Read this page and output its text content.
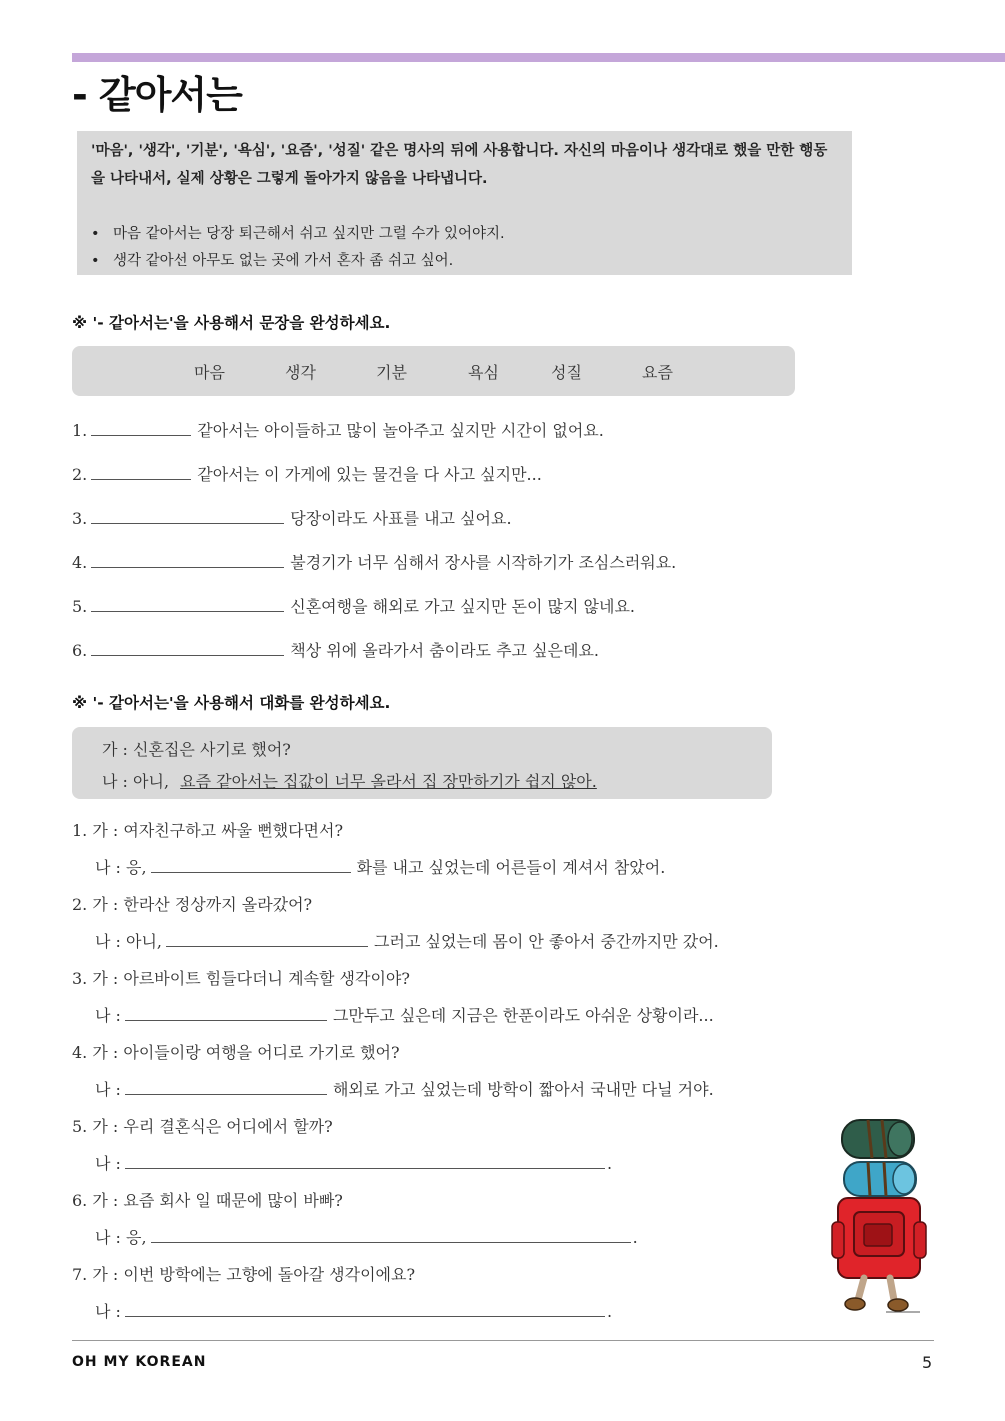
- 같아서는
'마음', '생각', '기분', '욕심', '요즘', '성질' 같은 명사의 뒤에 사용합니다. 자신의 마음이나 생각대로 했을 만한 행동을 나타내서, 실제 상황은 그렇게 돌아가지 않음을 나타냅니다.
• 마음 같아서는 당장 퇴근해서 쉬고 싶지만 그럴 수가 있어야지.
• 생각 같아선 아무도 없는 곳에 가서 혼자 좀 쉬고 싶어.
※ '- 같아서는'을 사용해서 문장을 완성하세요.
마음	생각	기분	욕심	성질	요즘
1.	같아서는 아이들하고 많이 놀아주고 싶지만 시간이 없어요.
2.	같아서는 이 가게에 있는 물건을 다 사고 싶지만...
3.	당장이라도 사표를 내고 싶어요.
4.	불경기가 너무 심해서 장사를 시작하기가 조심스러워요.
5.	신혼여행을 해외로 가고 싶지만 돈이 많지 않네요.
6.	책상 위에 올라가서 춤이라도 추고 싶은데요.
※ '- 같아서는'을 사용해서 대화를 완성하세요.
가 : 신혼집은 사기로 했어?
나 : 아니, 요즘 같아서는 집값이 너무 올라서 집 장만하기가 쉽지 않아.
1. 가 : 여자친구하고 싸울 뻔했다면서?
나 : 응,	화를 내고 싶었는데 어른들이 계셔서 참았어.
2. 가 : 한라산 정상까지 올라갔어?
나 : 아니,	그러고 싶었는데 몸이 안 좋아서 중간까지만 갔어.
3. 가 : 아르바이트 힘들다더니 계속할 생각이야?
나 :	그만두고 싶은데 지금은 한푼이라도 아쉬운 상황이라...
4. 가 : 아이들이랑 여행을 어디로 가기로 했어?
나 :	해외로 가고 싶었는데 방학이 짧아서 국내만 다닐 거야.
5. 가 : 우리 결혼식은 어디에서 할까?
나 :	.
6. 가 : 요즘 회사 일 때문에 많이 바빠?
나 : 응,	.
7. 가 : 이번 방학에는 고향에 돌아갈 생각이에요?
나 :	.
OH MY KOREAN	5
